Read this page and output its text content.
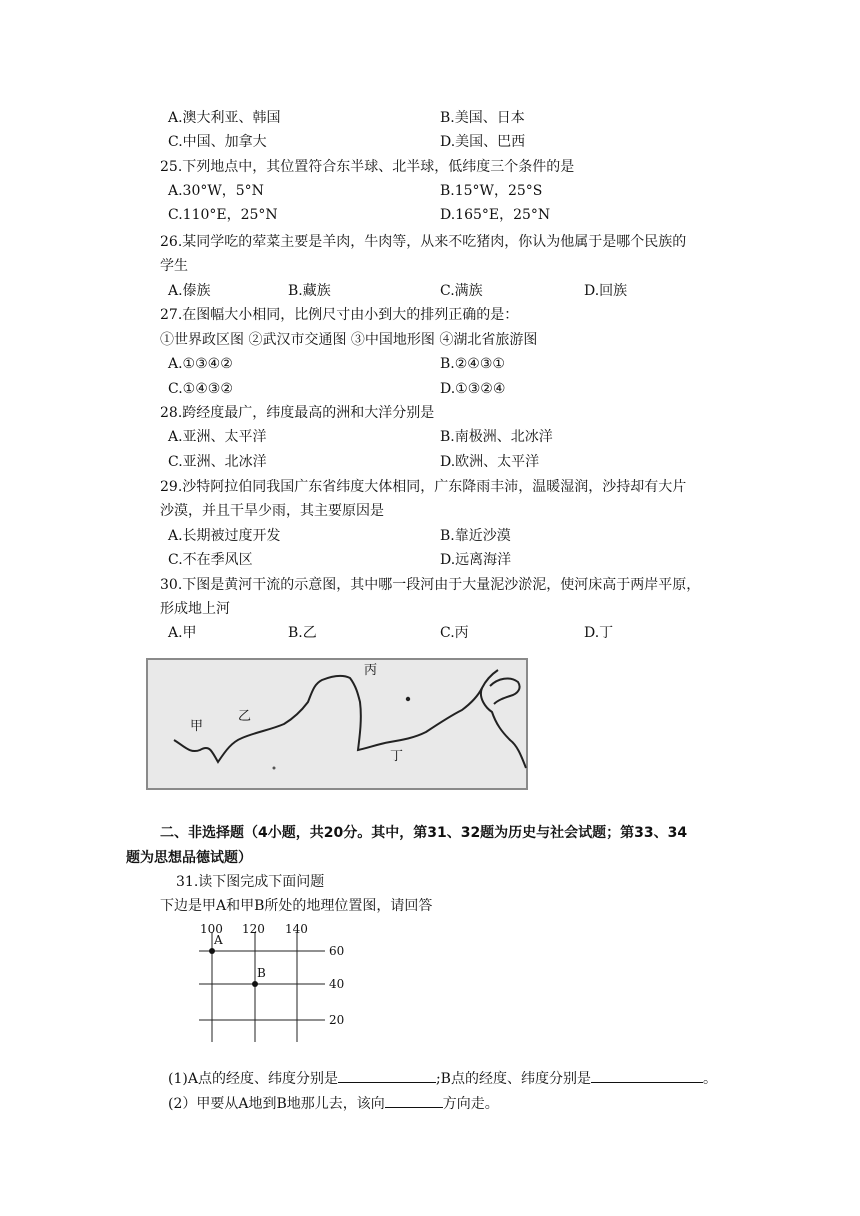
A.澳大利亚、韩国	B.美国、日本
C.中国、加拿大	D.美国、巴西
25.下列地点中，其位置符合东半球、北半球，低纬度三个条件的是
A.30°W，5°N	B.15°W，25°S
C.110°E，25°N	D.165°E，25°N
26.某同学吃的荤菜主要是羊肉，牛肉等，从来不吃猪肉，你认为他属于是哪个民族的
学生
A.傣族	B.藏族	C.满族	D.回族
27.在图幅大小相同，比例尺寸由小到大的排列正确的是：
①世界政区图 ②武汉市交通图 ③中国地形图 ④湖北省旅游图
A.①③④②	B.②④③①
C.①④③②	D.①③②④
28.跨经度最广，纬度最高的洲和大洋分别是
A.亚洲、太平洋	B.南极洲、北冰洋
C.亚洲、北冰洋	D.欧洲、太平洋
29.沙特阿拉伯同我国广东省纬度大体相同，广东降雨丰沛，温暖湿润，沙持却有大片
沙漠，并且干旱少雨，其主要原因是
A.长期被过度开发	B.靠近沙漠
C.不在季风区	D.远离海洋
30.下图是黄河干流的示意图，其中哪一段河由于大量泥沙淤泥，使河床高于两岸平原，
形成地上河
A.甲	B.乙	C.丙	D.丁
甲
乙
丙
丁
二、非选择题（4小题，共20分。其中，第31、32题为历史与社会试题；第33、34
题为思想品德试题）
31.读下图完成下面问题
下边是甲A和甲B所处的地理位置图，请回答
100 120 140
60
40
20
A
B
(1)A点的经度、纬度分别是	;B点的经度、纬度分别是	。
(2）甲要从A地到B地那儿去，该向	方向走。
